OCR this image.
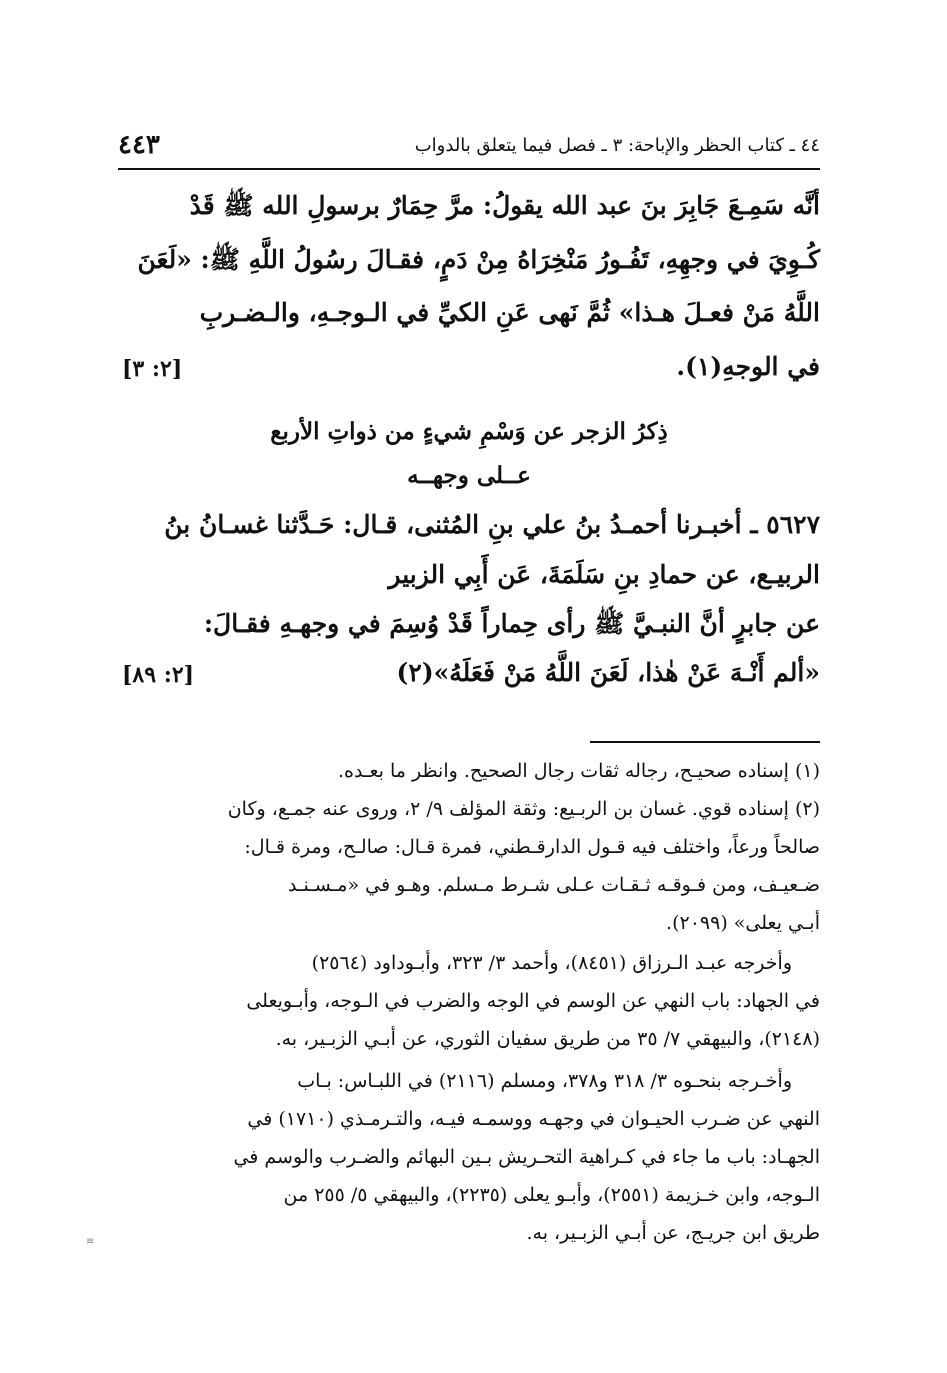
٤٤٣	٤٤ ـ كتاب الحظر والإباحة: ٣ ـ فصل فيما يتعلق بالدواب
أنَّه سَمِـعَ جَابِرَ بنَ عبد الله يقولُ: مرَّ حِمَارٌ برسولِ الله ﷺ قَدْ
كُـوِيَ في وجهِهِ، تَفُـورُ مَنْخِرَاهُ مِنْ دَمٍ، فقـالَ رسُولُ اللَّهِ ﷺ: «لَعَنَ
اللَّهُ مَنْ فعـلَ هـذا» ثُمَّ نَهى عَنِ الكيِّ في الـوجـهِ، والـضـربِ
في الوجهِ(١).
[٢: ٣]
ذِكرُ الزجر عن وَسْمِ شيءٍ من ذواتِ الأربع
عــلى وجهــه
٥٦٢٧ ـ أخبـرنا أحمـدُ بنُ علي بنِ المُثنى، قـال: حَـدَّثنا غسـانُ بنُ
الربيـع، عن حمادِ بنِ سَلَمَةَ، عَن أَبِي الزبير
عن جابرٍ أنَّ النبـيَّ ﷺ رأى حِماراً قَدْ وُسِمَ في وجهـهِ فقـالَ:
«ألم أَنْـهَ عَنْ هٰذا، لَعَنَ اللَّهُ مَنْ فَعَلَهُ»(٢)
[٢: ٨٩]
(١) إسناده صحيـح، رجاله ثقات رجال الصحيح. وانظر ما بعـده.
(٢) إسناده قوي. غسان بن الربـيع: وثقة المؤلف ٩/ ٢، وروى عنه جمـع، وكان
صالحاً ورعاً، واختلف فيه قـول الدارقـطني، فمرة قـال: صالـح، ومرة قـال:
ضـعيـف، ومن فـوقـه ثـقـات عـلى شـرط مـسلم. وهـو في «مـسـنـد
أبـي يعلى» (٢٠٩٩).
وأخرجه عبـد الـرزاق (٨٤٥١)، وأحمد ٣/ ٣٢٣، وأبـوداود (٢٥٦٤)
في الجهاد: باب النهي عن الوسم في الوجه والضرب في الـوجه، وأبـويعلى
(٢١٤٨)، والبيهقي ٧/ ٣٥ من طريق سفيان الثوري، عن أبـي الزبـير، به.
وأخـرجه بنحـوه ٣/ ٣١٨ و٣٧٨، ومسلم (٢١١٦) في اللبـاس: بـاب
النهي عن ضـرب الحيـوان في وجهـه ووسمـه فيـه، والتـرمـذي (١٧١٠) في
الجهـاد: باب ما جاء في كـراهية التحـريش بـين البهائم والضـرب والوسم في
الـوجه، وابن خـزيمة (٢٥٥١)، وأبـو يعلى (٢٢٣٥)، والبيهقي ٥/ ٢٥٥ من
طريق ابن جريـج، عن أبـي الزبـير، به.
≡
